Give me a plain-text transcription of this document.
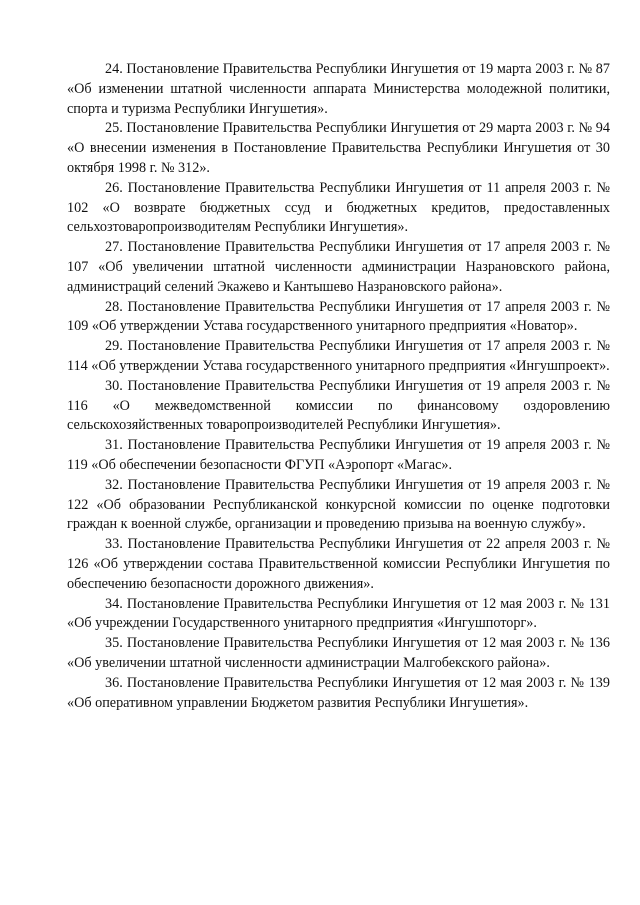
24. Постановление Правительства Республики Ингушетия от 19 марта 2003 г. № 87 «Об изменении штатной численности аппарата Министерства молодежной политики, спорта и туризма Республики Ингушетия».

25. Постановление Правительства Республики Ингушетия от 29 марта 2003 г. № 94 «О внесении изменения в Постановление Правительства Республики Ингушетия от 30 октября 1998 г. № 312».

26. Постановление Правительства Республики Ингушетия от 11 апреля 2003 г. № 102 «О возврате бюджетных ссуд и бюджетных кредитов, предоставленных сельхозтоваропроизводителям Республики Ингушетия».

27. Постановление Правительства Республики Ингушетия от 17 апреля 2003 г. № 107 «Об увеличении штатной численности администрации Назрановского района, администраций селений Экажево и Кантышево Назрановского района».

28. Постановление Правительства Республики Ингушетия от 17 апреля 2003 г. № 109 «Об утверждении Устава государственного унитарного предприятия «Новатор».

29. Постановление Правительства Республики Ингушетия от 17 апреля 2003 г. № 114 «Об утверждении Устава государственного унитарного предприятия «Ингушпроект».

30. Постановление Правительства Республики Ингушетия от 19 апреля 2003 г. № 116 «О межведомственной комиссии по финансовому оздоровлению сельскохозяйственных товаропроизводителей Республики Ингушетия».

31. Постановление Правительства Республики Ингушетия от 19 апреля 2003 г. № 119 «Об обеспечении безопасности ФГУП «Аэропорт «Магас».

32. Постановление Правительства Республики Ингушетия от 19 апреля 2003 г. № 122 «Об образовании Республиканской конкурсной комиссии по оценке подготовки граждан к военной службе, организации и проведению призыва на военную службу».

33. Постановление Правительства Республики Ингушетия от 22 апреля 2003 г. № 126 «Об утверждении состава Правительственной комиссии Республики Ингушетия по обеспечению безопасности дорожного движения».

34. Постановление Правительства Республики Ингушетия от 12 мая 2003 г. № 131 «Об учреждении Государственного унитарного предприятия «Ингушпоторг».

35. Постановление Правительства Республики Ингушетия от 12 мая 2003 г. № 136 «Об увеличении штатной численности администрации Малгобекского района».

36. Постановление Правительства Республики Ингушетия от 12 мая 2003 г. № 139 «Об оперативном управлении Бюджетом развития Республики Ингушетия».
